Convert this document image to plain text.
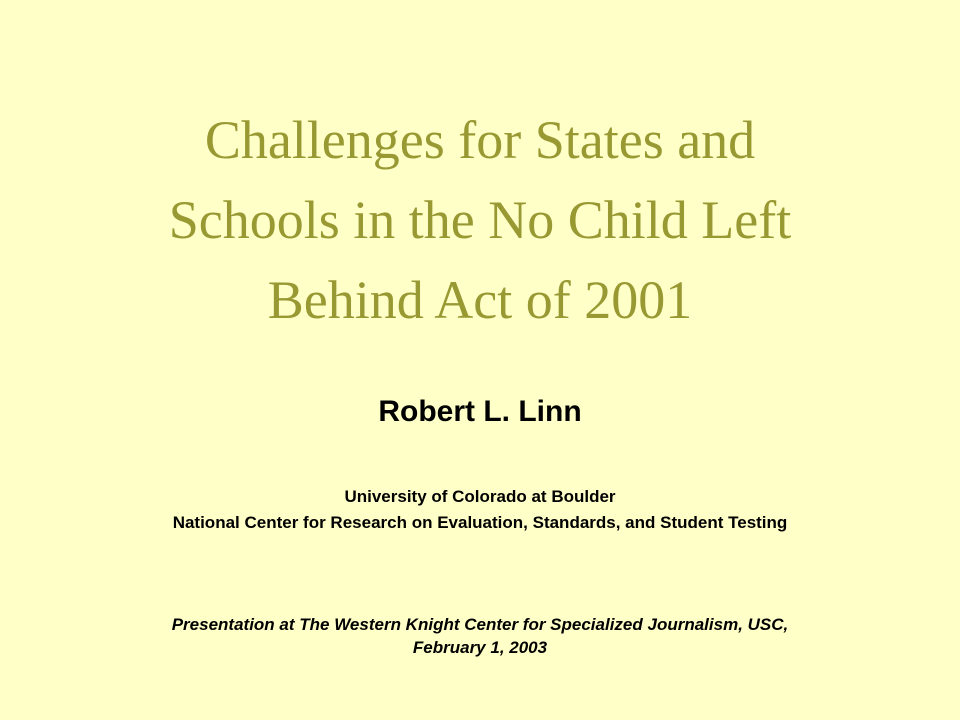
Challenges for States and
Schools in the No Child Left
Behind Act of 2001
Robert L. Linn
University of Colorado at Boulder
National Center for Research on Evaluation, Standards, and Student Testing
Presentation at The Western Knight Center for Specialized Journalism, USC,
February 1, 2003
